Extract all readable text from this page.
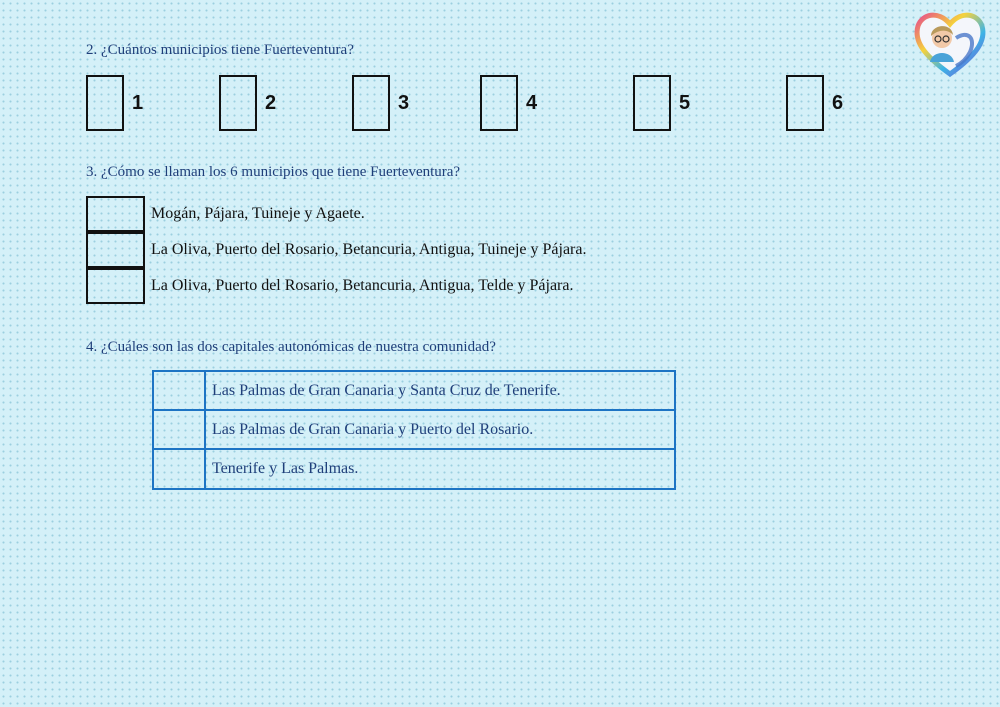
2. ¿Cuántos municipios tiene Fuerteventura?
1	2	3	4	5	6
3. ¿Cómo se llaman los 6 municipios que tiene Fuerteventura?
Mogán, Pájara, Tuineje y Agaete.
La Oliva, Puerto del Rosario, Betancuria, Antigua, Tuineje y Pájara.
La Oliva, Puerto del Rosario, Betancuria, Antigua, Telde y Pájara.
4. ¿Cuáles son las dos capitales autonómicas de nuestra comunidad?
Las Palmas de Gran Canaria y Santa Cruz de Tenerife.
Las Palmas de Gran Canaria y Puerto del Rosario.
Tenerife y Las Palmas.
